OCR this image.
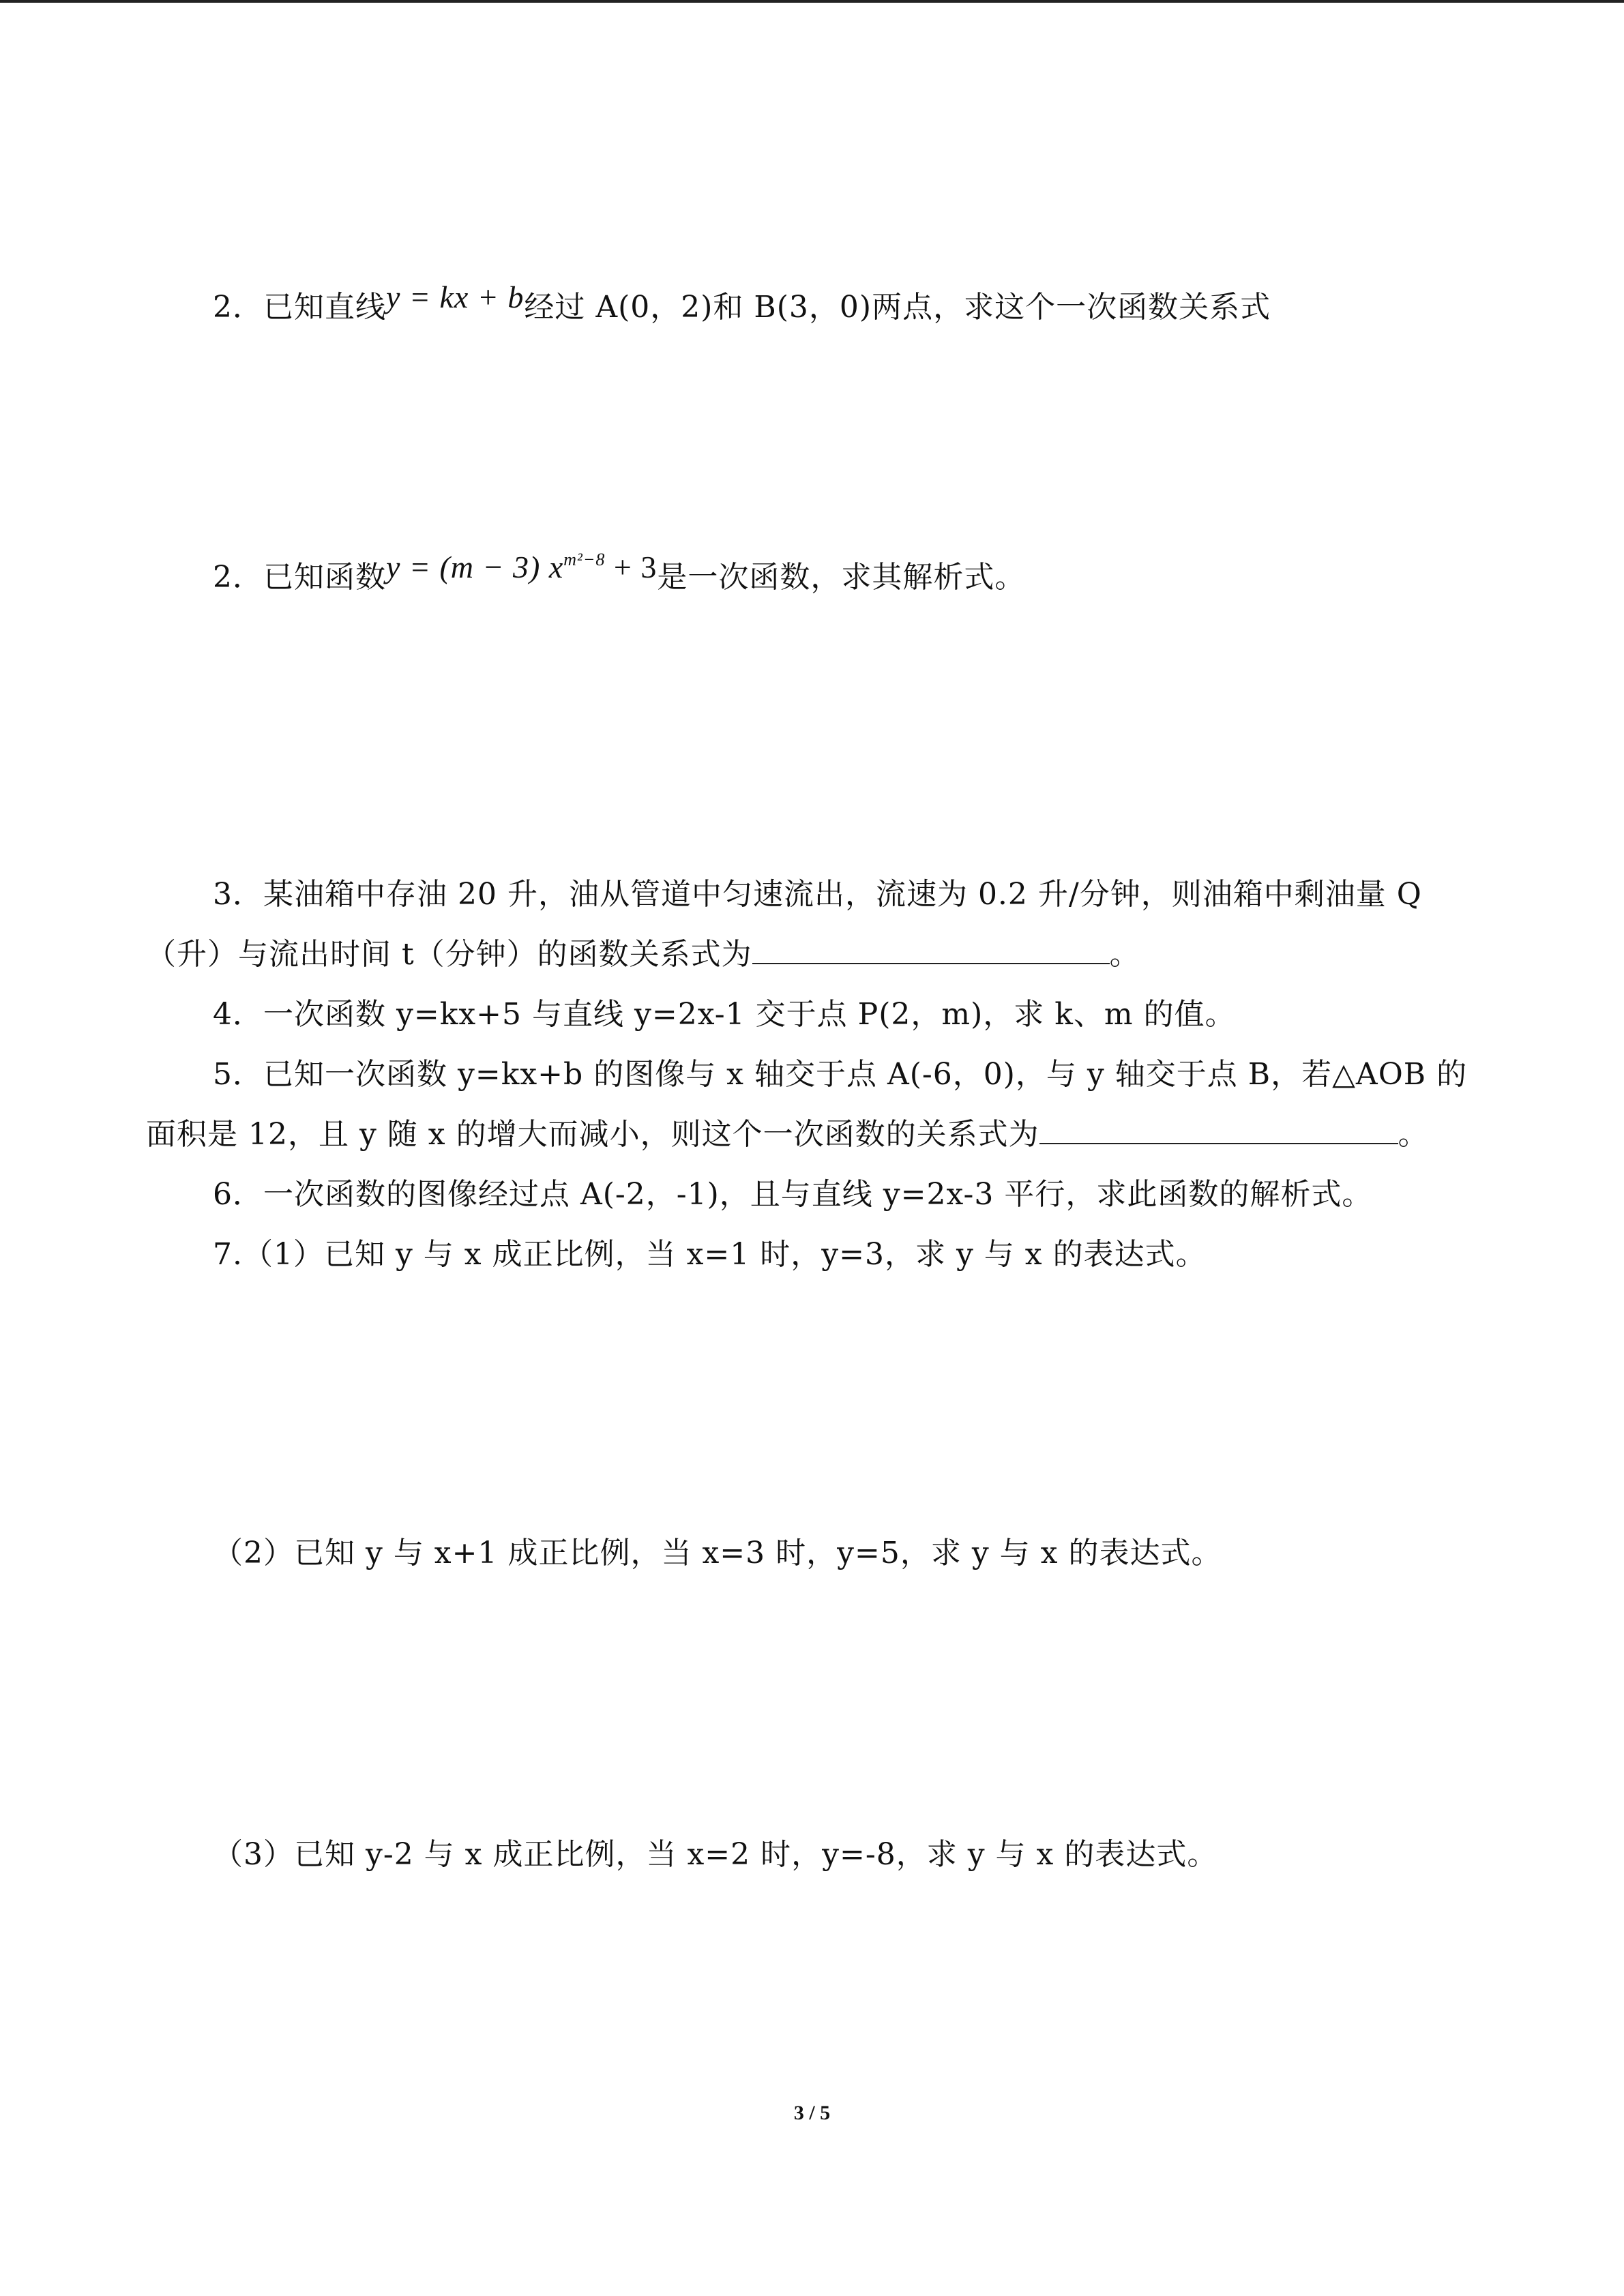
2．已知直线y = kx + b经过 A(0，2)和 B(3，0)两点，求这个一次函数关系式
2．已知函数y = (m − 3) $x^{m^2-8} + 3$是一次函数，求其解析式。
3．某油箱中存油 20 升，油从管道中匀速流出，流速为 0.2 升/分钟，则油箱中剩油量 Q
（升）与流出时间 t（分钟）的函数关系式为	。
4．一次函数 y=kx+5 与直线 y=2x-1 交于点 P(2，m)，求 k、m 的值。
5．已知一次函数 y=kx+b 的图像与 x 轴交于点 A(-6，0)，与 y 轴交于点 B，若△AOB 的
面积是 12，且 y 随 x 的增大而减小，则这个一次函数的关系式为	。
6．一次函数的图像经过点 A(-2，-1)，且与直线 y=2x-3 平行，求此函数的解析式。
7.（1）已知 y 与 x 成正比例，当 x=1 时，y=3，求 y 与 x 的表达式。
（2）已知 y 与 x+1 成正比例，当 x=3 时，y=5，求 y 与 x 的表达式。
（3）已知 y-2 与 x 成正比例，当 x=2 时，y=-8，求 y 与 x 的表达式。
3 / 5
